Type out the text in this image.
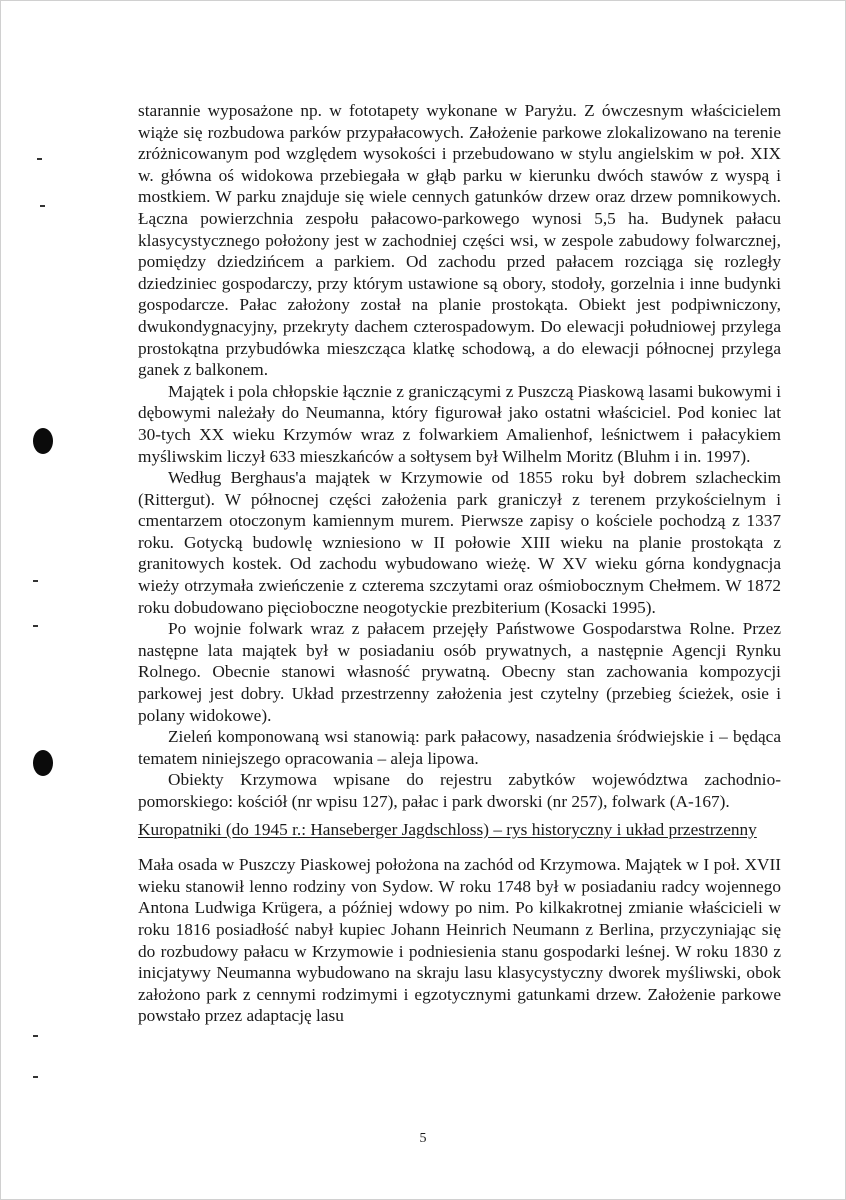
starannie wyposażone np. w fototapety wykonane w Paryżu. Z ówczesnym właścicielem wiąże się rozbudowa parków przypałacowych. Założenie parkowe zlokalizowano na terenie zróżnicowanym pod względem wysokości i przebudowano w stylu angielskim w poł. XIX w. główna oś widokowa przebiegała w głąb parku w kierunku dwóch stawów z wyspą i mostkiem. W parku znajduje się wiele cennych gatunków drzew oraz drzew pomnikowych. Łączna powierzchnia zespołu pałacowo-parkowego wynosi 5,5 ha. Budynek pałacu klasycystycznego położony jest w zachodniej części wsi, w zespole zabudowy folwarcznej, pomiędzy dziedzińcem a parkiem. Od zachodu przed pałacem rozciąga się rozległy dziedziniec gospodarczy, przy którym ustawione są obory, stodoły, gorzelnia i inne budynki gospodarcze. Pałac założony został na planie prostokąta. Obiekt jest podpiwniczony, dwukondygnacyjny, przekryty dachem czterospadowym. Do elewacji południowej przylega prostokątna przybudówka mieszcząca klatkę schodową, a do elewacji północnej przylega ganek z balkonem.

Majątek i pola chłopskie łącznie z graniczącymi z Puszczą Piaskową lasami bukowymi i dębowymi należały do Neumanna, który figurował jako ostatni właściciel. Pod koniec lat 30-tych XX wieku Krzymów wraz z folwarkiem Amalienhof, leśnictwem i pałacykiem myśliwskim liczył 633 mieszkańców a sołtysem był Wilhelm Moritz (Bluhm i in. 1997).

Według Berghaus'a majątek w Krzymowie od 1855 roku był dobrem szlacheckim (Rittergut). W północnej części założenia park graniczył z terenem przykościelnym i cmentarzem otoczonym kamiennym murem. Pierwsze zapisy o kościele pochodzą z 1337 roku. Gotycką budowlę wzniesiono w II połowie XIII wieku na planie prostokąta z granitowych kostek. Od zachodu wybudowano wieżę. W XV wieku górna kondygnacja wieży otrzymała zwieńczenie z czterema szczytami oraz ośmiobocznym Chełmem. W 1872 roku dobudowano pięcioboczne neogotyckie prezbiterium (Kosacki 1995).

Po wojnie folwark wraz z pałacem przejęły Państwowe Gospodarstwa Rolne. Przez następne lata majątek był w posiadaniu osób prywatnych, a następnie Agencji Rynku Rolnego. Obecnie stanowi własność prywatną. Obecny stan zachowania kompozycji parkowej jest dobry. Układ przestrzenny założenia jest czytelny (przebieg ścieżek, osie i polany widokowe).

Zieleń komponowaną wsi stanowią: park pałacowy, nasadzenia śródwiejskie i – będąca tematem niniejszego opracowania – aleja lipowa.

Obiekty Krzymowa wpisane do rejestru zabytków województwa zachodnio-pomorskiego: kościół (nr wpisu 127), pałac i park dworski (nr 257), folwark (A-167).

Kuropatniki (do 1945 r.: Hanseberger Jagdschloss) – rys historyczny i układ przestrzenny

Mała osada w Puszczy Piaskowej położona na zachód od Krzymowa. Majątek w I poł. XVII wieku stanowił lenno rodziny von Sydow. W roku 1748 był w posiadaniu radcy wojennego Antona Ludwiga Krügera, a później wdowy po nim. Po kilkakrotnej zmianie właścicieli w roku 1816 posiadłość nabył kupiec Johann Heinrich Neumann z Berlina, przyczyniając się do rozbudowy pałacu w Krzymowie i podniesienia stanu gospodarki leśnej. W roku 1830 z inicjatywy Neumanna wybudowano na skraju lasu klasycystyczny dworek myśliwski, obok założono park z cennymi rodzimymi i egzotycznymi gatunkami drzew. Założenie parkowe powstało przez adaptację lasu

5
